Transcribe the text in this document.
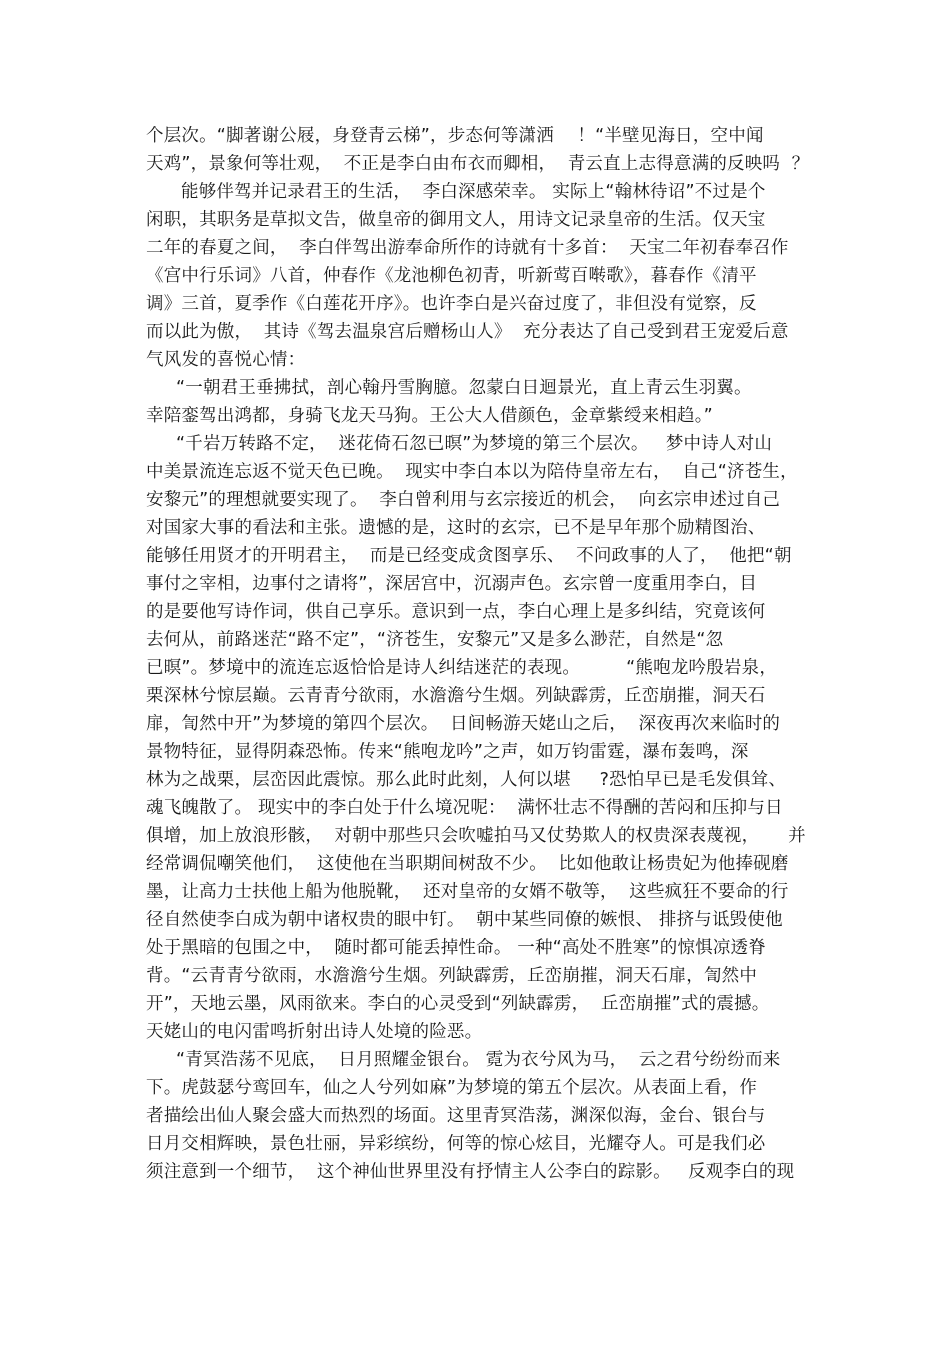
个层次。“脚著谢公屐，身登青云梯”，步态何等潇洒　 ！“半壁见海日，空中闻
天鸡”，景象何等壮观，  不正是李白由布衣而卿相，  青云直上志得意满的反映吗  ？
能够伴驾并记录君王的生活，  李白深感荣幸。 实际上“翰林待诏”不过是个
闲职，其职务是草拟文告，做皇帝的御用文人，用诗文记录皇帝的生活。仅天宝
二年的春夏之间，  李白伴驾出游奉命所作的诗就有十多首：  天宝二年初春奉召作
《宫中行乐词》八首，仲春作《龙池柳色初青，听新莺百啭歌》，暮春作《清平
调》三首，夏季作《白莲花开序》。也许李白是兴奋过度了，非但没有觉察，反
而以此为傲，  其诗《驾去温泉宫后赠杨山人》  充分表达了自己受到君王宠爱后意
气风发的喜悦心情：
“一朝君王垂拂拭，剖心翰丹雪胸臆。忽蒙白日迴景光，直上青云生羽翼。
幸陪銮驾出鸿都，身骑飞龙天马狗。王公大人借颜色，金章紫绶来相趋。”
“千岩万转路不定，  迷花倚石忽已暝”为梦境的第三个层次。   梦中诗人对山
中美景流连忘返不觉天色已晚。  现实中李白本以为陪侍皇帝左右，  自己“济苍生，
安黎元”的理想就要实现了。  李白曾利用与玄宗接近的机会，  向玄宗申述过自己
对国家大事的看法和主张。遗憾的是，这时的玄宗，已不是早年那个励精图治、
能够任用贤才的开明君主，  而是已经变成贪图享乐、  不问政事的人了，  他把“朝
事付之宰相，边事付之请将”，深居宫中，沉溺声色。玄宗曾一度重用李白，目
的是要他写诗作词，供自己享乐。意识到一点，李白心理上是多纠结，究竟该何
去何从，前路迷茫“路不定”，“济苍生，安黎元”又是多么渺茫，自然是“忽
已暝”。梦境中的流连忘返恰恰是诗人纠结迷茫的表现。        “熊咆龙吟殷岩泉，
栗深林兮惊层巅。云青青兮欲雨，水澹澹兮生烟。列缺霹雳，丘峦崩摧，洞天石
扉，訇然中开”为梦境的第四个层次。  日间畅游天姥山之后，  深夜再次来临时的
景物特征，显得阴森恐怖。传来“熊咆龙吟”之声，如万钧雷霆，瀑布轰鸣，深
林为之战栗，层峦因此震惊。那么此时此刻，人何以堪     ?恐怕早已是毛发俱耸、
魂飞魄散了。 现实中的李白处于什么境况呢：  满怀壮志不得酬的苦闷和压抑与日
俱增，加上放浪形骸，  对朝中那些只会吹嘘拍马又仗势欺人的权贵深表蔑视，     并
经常调侃嘲笑他们，  这使他在当职期间树敌不少。  比如他敢让杨贵妃为他捧砚磨
墨，让高力士扶他上船为他脱靴，  还对皇帝的女婿不敬等，  这些疯狂不要命的行
径自然使李白成为朝中诸权贵的眼中钉。  朝中某些同僚的嫉恨、 排挤与诋毁使他
处于黑暗的包围之中，  随时都可能丢掉性命。 一种“高处不胜寒”的惊惧凉透脊
背。“云青青兮欲雨，水澹澹兮生烟。列缺霹雳，丘峦崩摧，洞天石扉，訇然中
开”，天地云墨，风雨欲来。李白的心灵受到“列缺霹雳，  丘峦崩摧”式的震撼。
天姥山的电闪雷鸣折射出诗人处境的险恶。
“青冥浩荡不见底，  日月照耀金银台。 霓为衣兮风为马，  云之君兮纷纷而来
下。虎鼓瑟兮鸾回车，仙之人兮列如麻”为梦境的第五个层次。从表面上看，作
者描绘出仙人聚会盛大而热烈的场面。这里青冥浩荡，渊深似海，金台、银台与
日月交相辉映，景色壮丽，异彩缤纷，何等的惊心炫目，光耀夺人。可是我们必
须注意到一个细节，  这个神仙世界里没有抒情主人公李白的踪影。   反观李白的现
